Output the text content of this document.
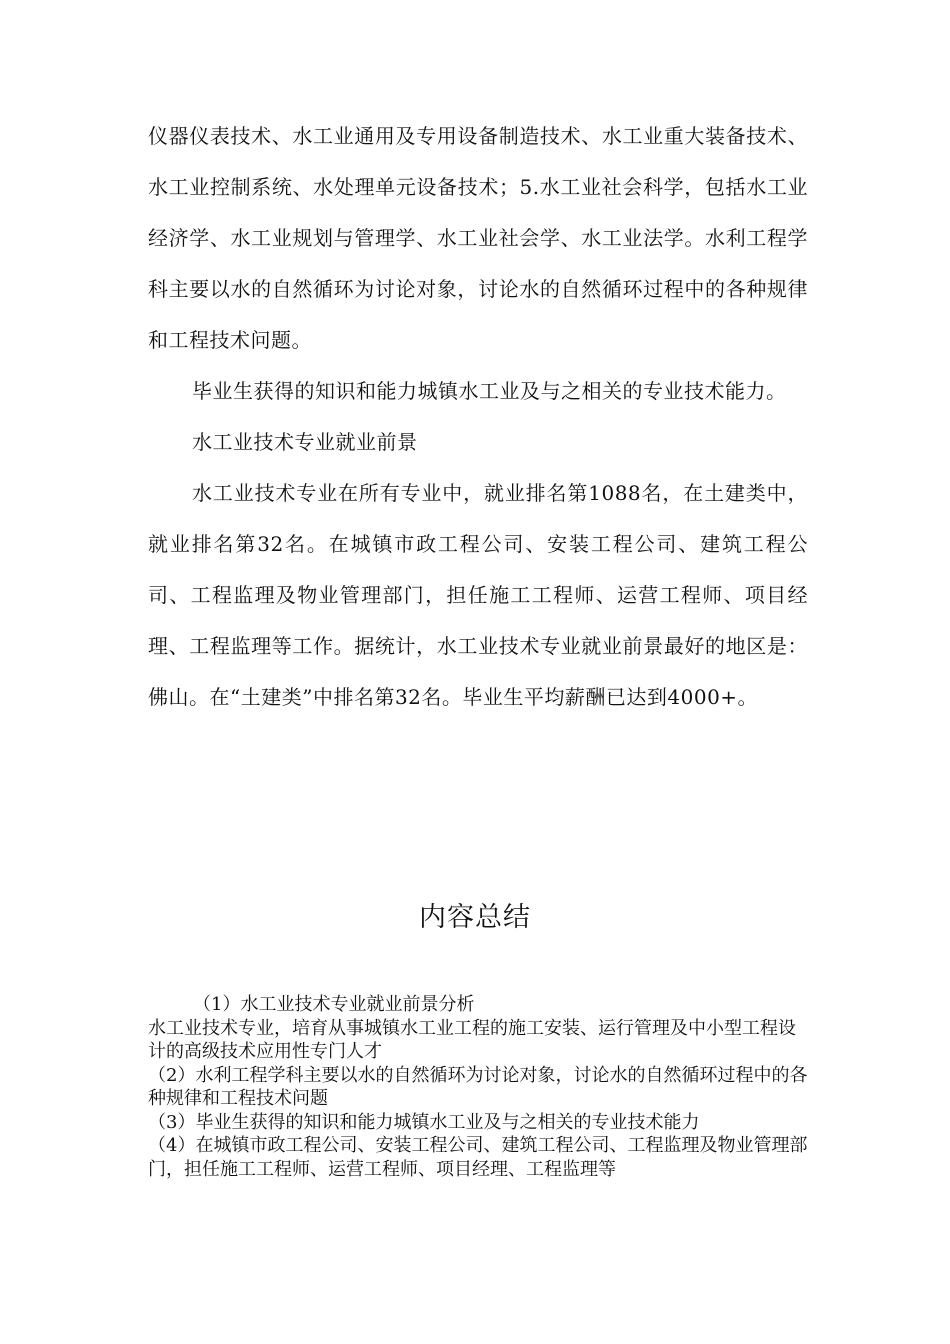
仪器仪表技术、水工业通用及专用设备制造技术、水工业重大装备技术、水工业控制系统、水处理单元设备技术；5.水工业社会科学，包括水工业经济学、水工业规划与管理学、水工业社会学、水工业法学。水利工程学科主要以水的自然循环为讨论对象，讨论水的自然循环过程中的各种规律和工程技术问题。

毕业生获得的知识和能力城镇水工业及与之相关的专业技术能力。

水工业技术专业就业前景

水工业技术专业在所有专业中，就业排名第1088名，在土建类中，就业排名第32名。在城镇市政工程公司、安装工程公司、建筑工程公司、工程监理及物业管理部门，担任施工工程师、运营工程师、项目经理、工程监理等工作。据统计，水工业技术专业就业前景最好的地区是：佛山。在“土建类”中排名第32名。毕业生平均薪酬已达到4000+。

内容总结

（1）水工业技术专业就业前景分析

水工业技术专业，培育从事城镇水工业工程的施工安装、运行管理及中小型工程设计的高级技术应用性专门人才

（2）水利工程学科主要以水的自然循环为讨论对象，讨论水的自然循环过程中的各种规律和工程技术问题

（3）毕业生获得的知识和能力城镇水工业及与之相关的专业技术能力

（4）在城镇市政工程公司、安装工程公司、建筑工程公司、工程监理及物业管理部门，担任施工工程师、运营工程师、项目经理、工程监理等
